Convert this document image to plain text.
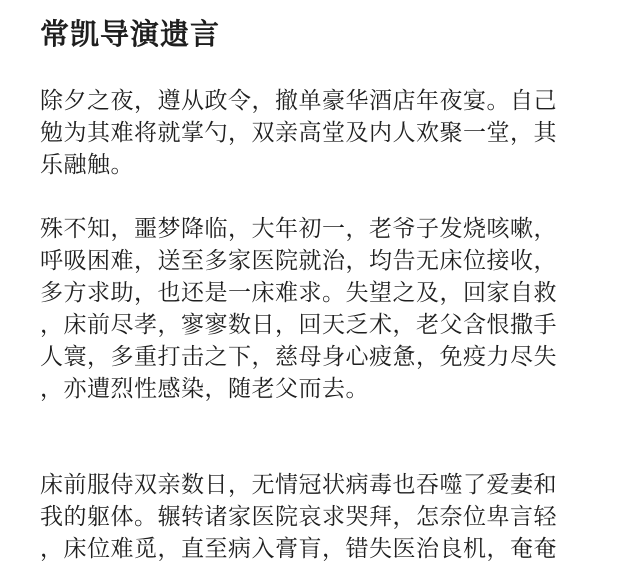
常凯导演遗言
除夕之夜，遵从政令，撤单豪华酒店年夜宴。自己
勉为其难将就掌勺，双亲高堂及内人欢聚一堂，其
乐融触。
殊不知，噩梦降临，大年初一，老爷子发烧咳嗽，
呼吸困难，送至多家医院就治，均告无床位接收，
多方求助，也还是一床难求。失望之及，回家自救
，床前尽孝，寥寥数日，回天乏术，老父含恨撒手
人寰，多重打击之下，慈母身心疲惫，免疫力尽失
，亦遭烈性感染，随老父而去。
床前服侍双亲数日，无情冠状病毒也吞噬了爱妻和
我的躯体。辗转诸家医院哀求哭拜，怎奈位卑言轻
，床位难觅，直至病入膏肓，错失医治良机，奄奄
